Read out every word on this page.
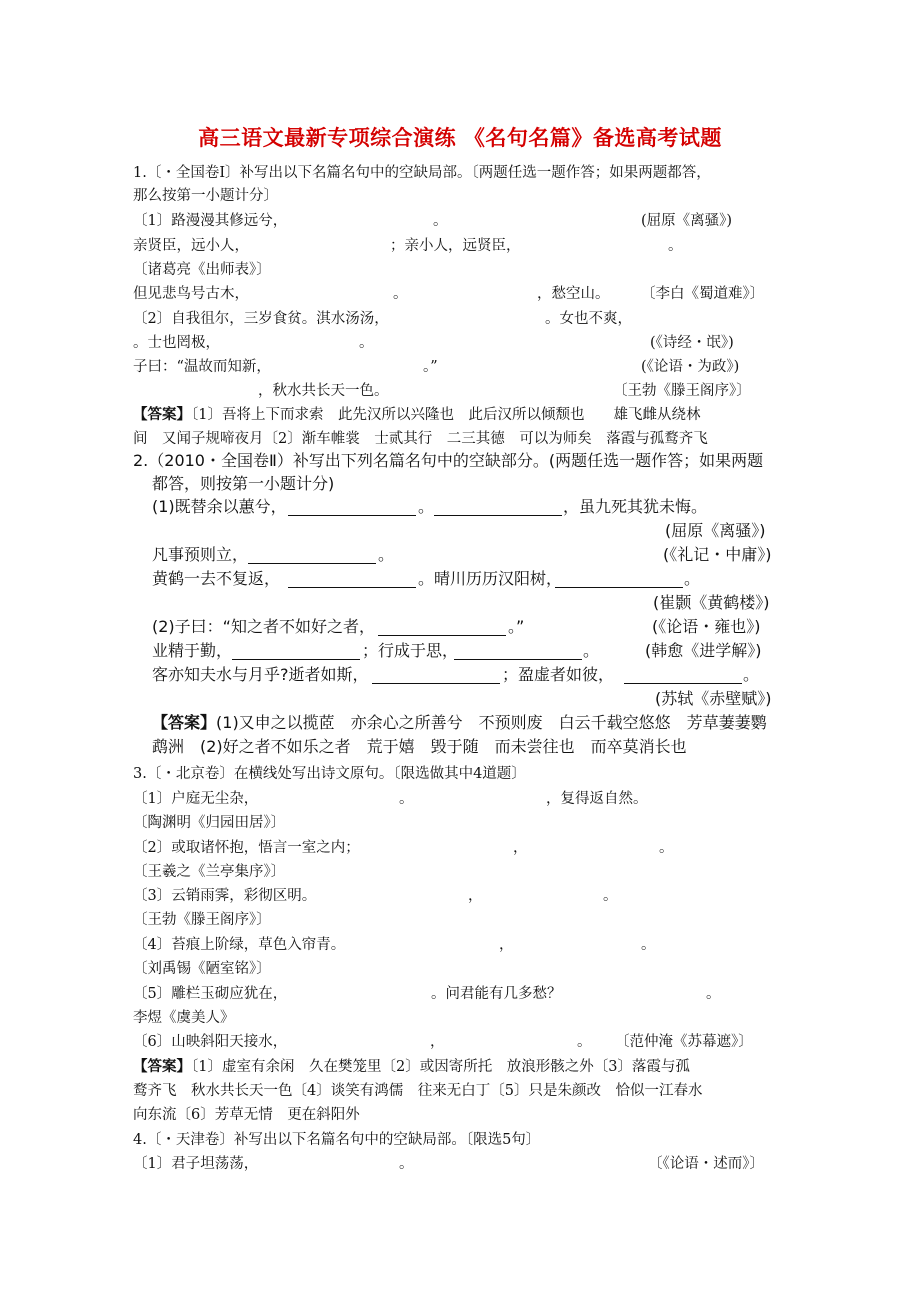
高三语文最新专项综合演练 《名句名篇》备选高考试题
1.〔・全国卷Ⅰ〕补写出以下名篇名句中的空缺局部。〔两题任选一题作答；如果两题都答，
那么按第一小题计分〕
〔1〕路漫漫其修远兮，	。	(屈原《离骚》)
亲贤臣，远小人，	；亲小人，远贤臣，	。
〔诸葛亮《出师表》〕
但见悲鸟号古木，	。	，愁空山。 〔李白《蜀道难》〕
〔2〕自我徂尔，三岁食贫。淇水汤汤，	。女也不爽，
。士也罔极，	。	(《诗经・氓》)
子曰：“温故而知新，	。”	(《论语・为政》)
，秋水共长天一色。	〔王勃《滕王阁序》〕
【答案】〔1〕吾将上下而求索　此先汉所以兴隆也　此后汉所以倾颓也　　雄飞雌从绕林
间　又闻子规啼夜月〔2〕渐车帷裳　士贰其行　二三其德　可以为师矣　落霞与孤鹜齐飞
2.（2010・全国卷Ⅱ）补写出下列名篇名句中的空缺部分。(两题任选一题作答；如果两题
都答，则按第一小题计分)
(1)既替余以蕙兮，	。	，虽九死其犹未悔。
(屈原《离骚》)
凡事预则立，	。	(《礼记・中庸》)
黄鹤一去不复返，	。晴川历历汉阳树，	。
(崔颢《黄鹤楼》)
(2)子曰：“知之者不如好之者，	。”	(《论语・雍也》)
业精于勤，	；行成于思，	。	(韩愈《进学解》)
客亦知夫水与月乎?逝者如斯，	；盈虚者如彼，	。
(苏轼《赤壁赋》)
【答案】(1)又申之以揽茝　亦余心之所善兮　不预则废　白云千载空悠悠　芳草萋萋鹦
鹉洲　(2)好之者不如乐之者　荒于嬉　毁于随　而未尝往也　而卒莫消长也
3.〔・北京卷〕在横线处写出诗文原句。〔限选做其中4道题〕
〔1〕户庭无尘杂，	。	，复得返自然。
〔陶渊明《归园田居》〕
〔2〕或取诸怀抱，悟言一室之内；	，	。
〔王羲之《兰亭集序》〕
〔3〕云销雨霁，彩彻区明。	，	。
〔王勃《滕王阁序》〕
〔4〕苔痕上阶绿，草色入帘青。	，	。
〔刘禹锡《陋室铭》〕
〔5〕雕栏玉砌应犹在，	。问君能有几多愁？	。
李煜《虞美人》
〔6〕山映斜阳天接水，	，	。 〔范仲淹《苏幕遮》〕
【答案】〔1〕虚室有余闲　久在樊笼里〔2〕或因寄所托　放浪形骸之外〔3〕落霞与孤
鹜齐飞　秋水共长天一色〔4〕谈笑有鸿儒　往来无白丁〔5〕只是朱颜改　恰似一江春水
向东流〔6〕芳草无情　更在斜阳外
4.〔・天津卷〕补写出以下名篇名句中的空缺局部。〔限选5句〕
〔1〕君子坦荡荡，	。	〔《论语・述而》〕
